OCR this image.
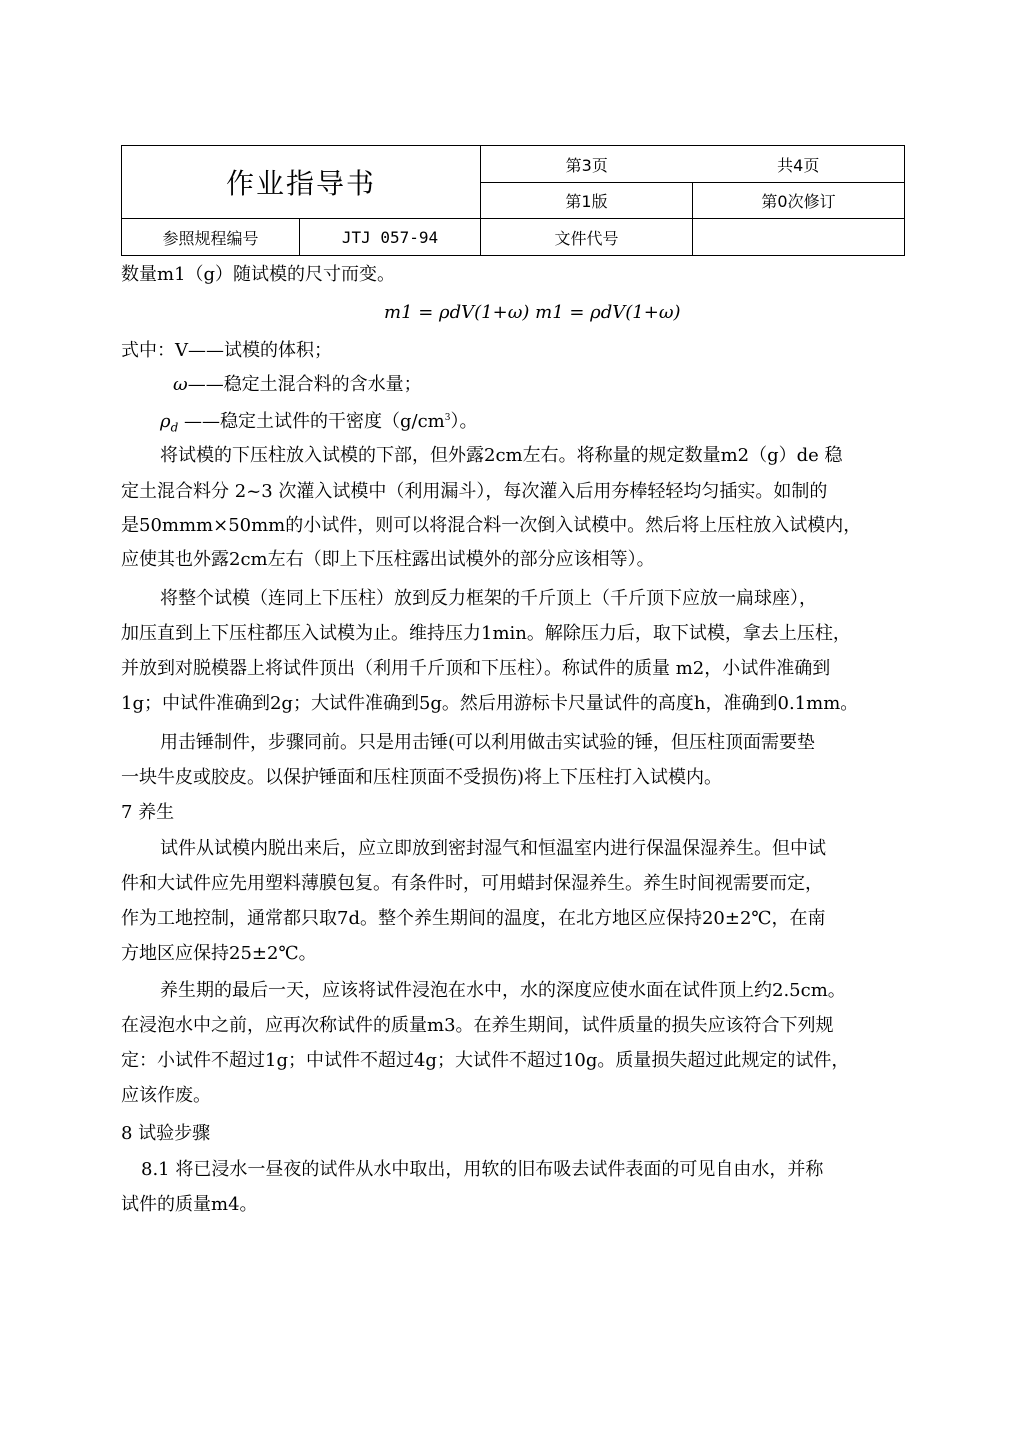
作业指导书		第3页	共4页
		第1版	第0次修订
参照规程编号	JTJ 057-94	文件代号	
数量m1（g）随试模的尺寸而变。
m1 = ρdV(1+ω) m1 = ρdV(1+ω)
式中：V——试模的体积；
ω——稳定土混合料的含水量；
$\rho_d$ ——稳定土试件的干密度$(g/cm^3)$。
将试模的下压柱放入试模的下部，但外露2cm左右。将称量的规定数量m2（g）de 稳
定土混合料分 2~3 次灌入试模中（利用漏斗），每次灌入后用夯棒轻轻均匀插实。如制的
是50mmm×50mm的小试件，则可以将混合料一次倒入试模中。然后将上压柱放入试模内，
应使其也外露2cm左右（即上下压柱露出试模外的部分应该相等）。
将整个试模（连同上下压柱）放到反力框架的千斤顶上（千斤顶下应放一扁球座），
加压直到上下压柱都压入试模为止。维持压力1min。解除压力后，取下试模，拿去上压柱，
并放到对脱模器上将试件顶出（利用千斤顶和下压柱）。称试件的质量 m2，小试件准确到
1g；中试件准确到2g；大试件准确到5g。然后用游标卡尺量试件的高度h，准确到0.1mm。
用击锤制件，步骤同前。只是用击锤(可以利用做击实试验的锤，但压柱顶面需要垫
一块牛皮或胶皮。以保护锤面和压柱顶面不受损伤)将上下压柱打入试模内。
7 养生
试件从试模内脱出来后，应立即放到密封湿气和恒温室内进行保温保湿养生。但中试
件和大试件应先用塑料薄膜包复。有条件时，可用蜡封保湿养生。养生时间视需要而定，
作为工地控制，通常都只取7d。整个养生期间的温度，在北方地区应保持20±2℃，在南
方地区应保持25±2℃。
养生期的最后一天，应该将试件浸泡在水中，水的深度应使水面在试件顶上约2.5cm。
在浸泡水中之前，应再次称试件的质量m3。在养生期间，试件质量的损失应该符合下列规
定：小试件不超过1g；中试件不超过4g；大试件不超过10g。质量损失超过此规定的试件，
应该作废。
8 试验步骤
8.1 将已浸水一昼夜的试件从水中取出，用软的旧布吸去试件表面的可见自由水，并称
试件的质量m4。
